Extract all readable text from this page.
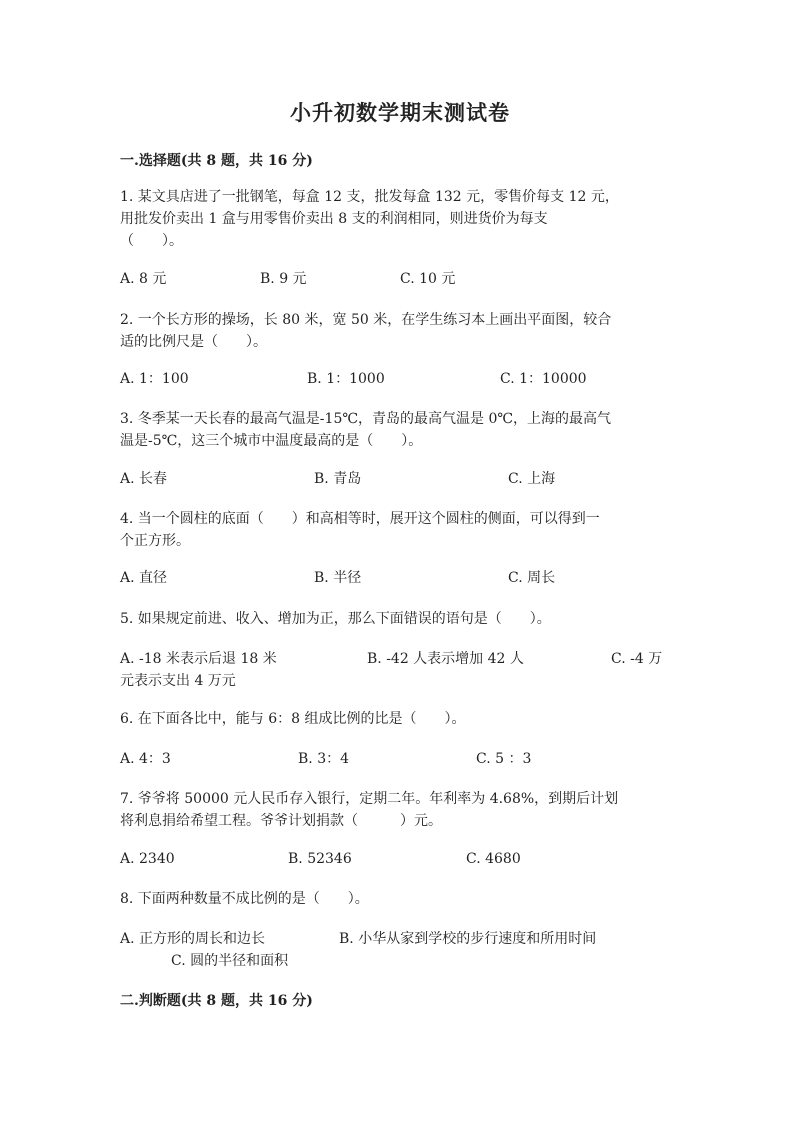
小升初数学期末测试卷
一.选择题(共 8 题，共 16 分)
1. 某文具店进了一批钢笔，每盒 12 支，批发每盒 132 元，零售价每支 12 元，
用批发价卖出 1 盒与用零售价卖出 8 支的利润相同，则进货价为每支
（　　）。
A. 8 元	B. 9 元	C. 10 元
2. 一个长方形的操场，长 80 米，宽 50 米，在学生练习本上画出平面图，较合
适的比例尺是（　　）。
A. 1：100	B. 1：1000	C. 1：10000
3. 冬季某一天长春的最高气温是-15℃，青岛的最高气温是 0℃，上海的最高气
温是-5℃，这三个城市中温度最高的是（　　）。
A. 长春	B. 青岛	C. 上海
4. 当一个圆柱的底面（　　）和高相等时，展开这个圆柱的侧面，可以得到一
个正方形。
A. 直径	B. 半径	C. 周长
5. 如果规定前进、收入、增加为正，那么下面错误的语句是（　　）。
A. -18 米表示后退 18 米	B. -42 人表示增加 42 人	C. -4 万
元表示支出 4 万元
6. 在下面各比中，能与 6：8 组成比例的比是（　　）。
A. 4：3	B. 3：4	C. 5 ：3
7. 爷爷将 50000 元人民币存入银行，定期二年。年利率为 4.68%，到期后计划
将利息捐给希望工程。爷爷计划捐款（　　　）元。
A. 2340	B. 52346	C. 4680
8. 下面两种数量不成比例的是（　　）。
A. 正方形的周长和边长	B. 小华从家到学校的步行速度和所用时间
C. 圆的半径和面积
二.判断题(共 8 题，共 16 分)
